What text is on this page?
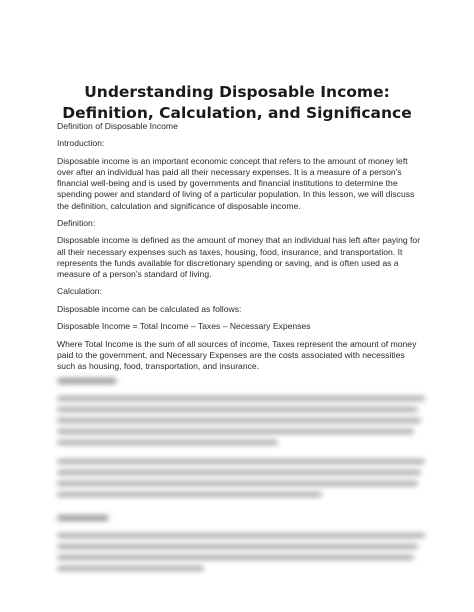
Understanding Disposable Income: Definition, Calculation, and Significance

Definition of Disposable Income

Introduction:

Disposable income is an important economic concept that refers to the amount of money left over after an individual has paid all their necessary expenses. It is a measure of a person's financial well-being and is used by governments and financial institutions to determine the spending power and standard of living of a particular population. In this lesson, we will discuss the definition, calculation and significance of disposable income.

Definition:

Disposable income is defined as the amount of money that an individual has left after paying for all their necessary expenses such as taxes, housing, food, insurance, and transportation. It represents the funds available for discretionary spending or saving, and is often used as a measure of a person's standard of living.

Calculation:

Disposable income can be calculated as follows:

Disposable Income = Total Income – Taxes – Necessary Expenses

Where Total Income is the sum of all sources of income, Taxes represent the amount of money paid to the government, and Necessary Expenses are the costs associated with necessities such as housing, food, transportation, and insurance.
